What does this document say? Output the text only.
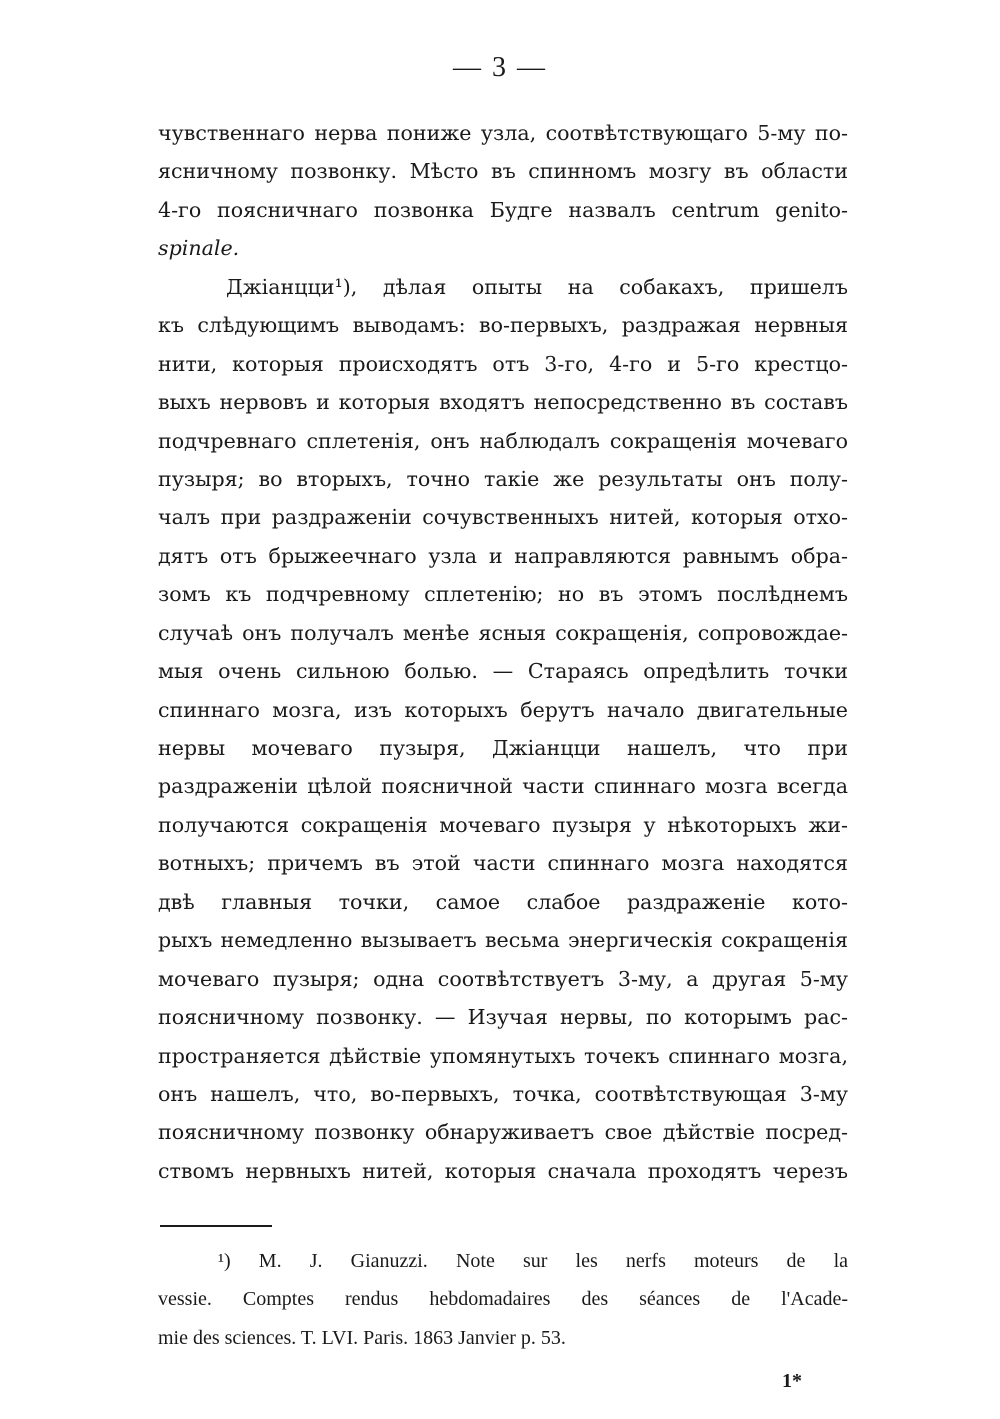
— 3 —
чувственнаго нерва пониже узла, соотвѣтствующаго 5-му по-
ясничному позвонку. Мѣсто въ спинномъ мозгу въ области
4-го поясничнаго позвонка Будге назвалъ centrum genito-
spinale.
Джіанцци¹), дѣлая опыты на собакахъ, пришелъ
къ слѣдующимъ выводамъ: во-первыхъ, раздражая нервныя
нити, которыя происходятъ отъ 3-го, 4-го и 5-го крестцо-
выхъ нервовъ и которыя входятъ непосредственно въ составъ
подчревнаго сплетенія, онъ наблюдалъ сокращенія мочеваго
пузыря; во вторыхъ, точно такіе же результаты онъ полу-
чалъ при раздраженіи сочувственныхъ нитей, которыя отхо-
дятъ отъ брыжеечнаго узла и направляются равнымъ обра-
зомъ къ подчревному сплетенію; но въ этомъ послѣднемъ
случаѣ онъ получалъ менѣе ясныя сокращенія, сопровождае-
мыя очень сильною болью. — Стараясь опредѣлить точки
спиннаго мозга, изъ которыхъ берутъ начало двигательные
нервы мочеваго пузыря, Джіанцци нашелъ, что при
раздраженіи цѣлой поясничной части спиннаго мозга всегда
получаются сокращенія мочеваго пузыря у нѣкоторыхъ жи-
вотныхъ; причемъ въ этой части спиннаго мозга находятся
двѣ главныя точки, самое слабое раздраженіе кото-
рыхъ немедленно вызываетъ весьма энергическія сокращенія
мочеваго пузыря; одна соотвѣтствуетъ 3-му, а другая 5-му
поясничному позвонку. — Изучая нервы, по которымъ рас-
пространяется дѣйствіе упомянутыхъ точекъ спиннаго мозга,
онъ нашелъ, что, во-первыхъ, точка, соотвѣтствующая 3-му
поясничному позвонку обнаруживаетъ свое дѣйствіе посред-
ствомъ нервныхъ нитей, которыя сначала проходятъ черезъ
¹) M. J. Gianuzzi. Note sur les nerfs moteurs de la
vessie. Comptes rendus hebdomadaires des séances de l'Acade-
mie des sciences. T. LVI. Paris. 1863 Janvier p. 53.
1*
